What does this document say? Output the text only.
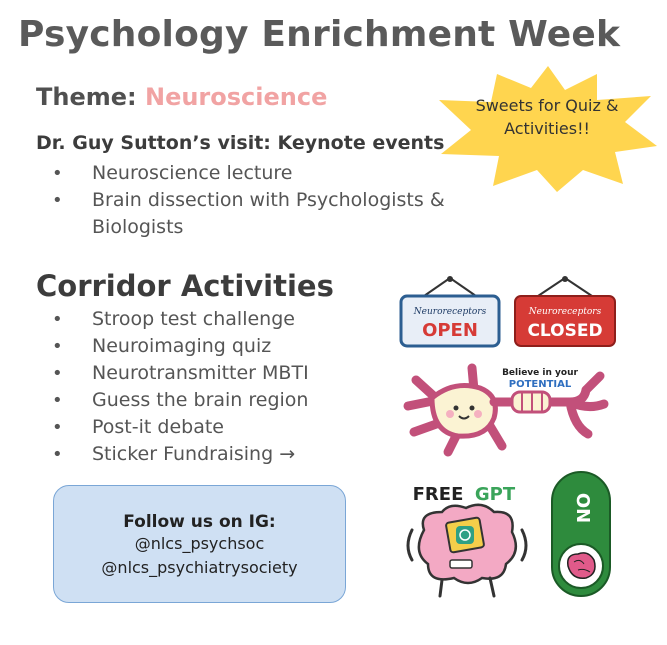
Psychology Enrichment Week
Theme: Neuroscience
Dr. Guy Sutton’s visit: Keynote events
• Neuroscience lecture
• Brain dissection with Psychologists & Biologists
Sweets for Quiz & Activities!!
Corridor Activities
• Stroop test challenge
• Neuroimaging quiz
• Neurotransmitter MBTI
• Guess the brain region
• Post-it debate
• Sticker Fundraising →
Follow us on IG:
@nlcs_psychsoc
@nlcs_psychiatrysociety
Neuroreceptors
OPEN
Neuroreceptors
CLOSED
Believe in your
POTENTIAL
FREE GPT	ON
